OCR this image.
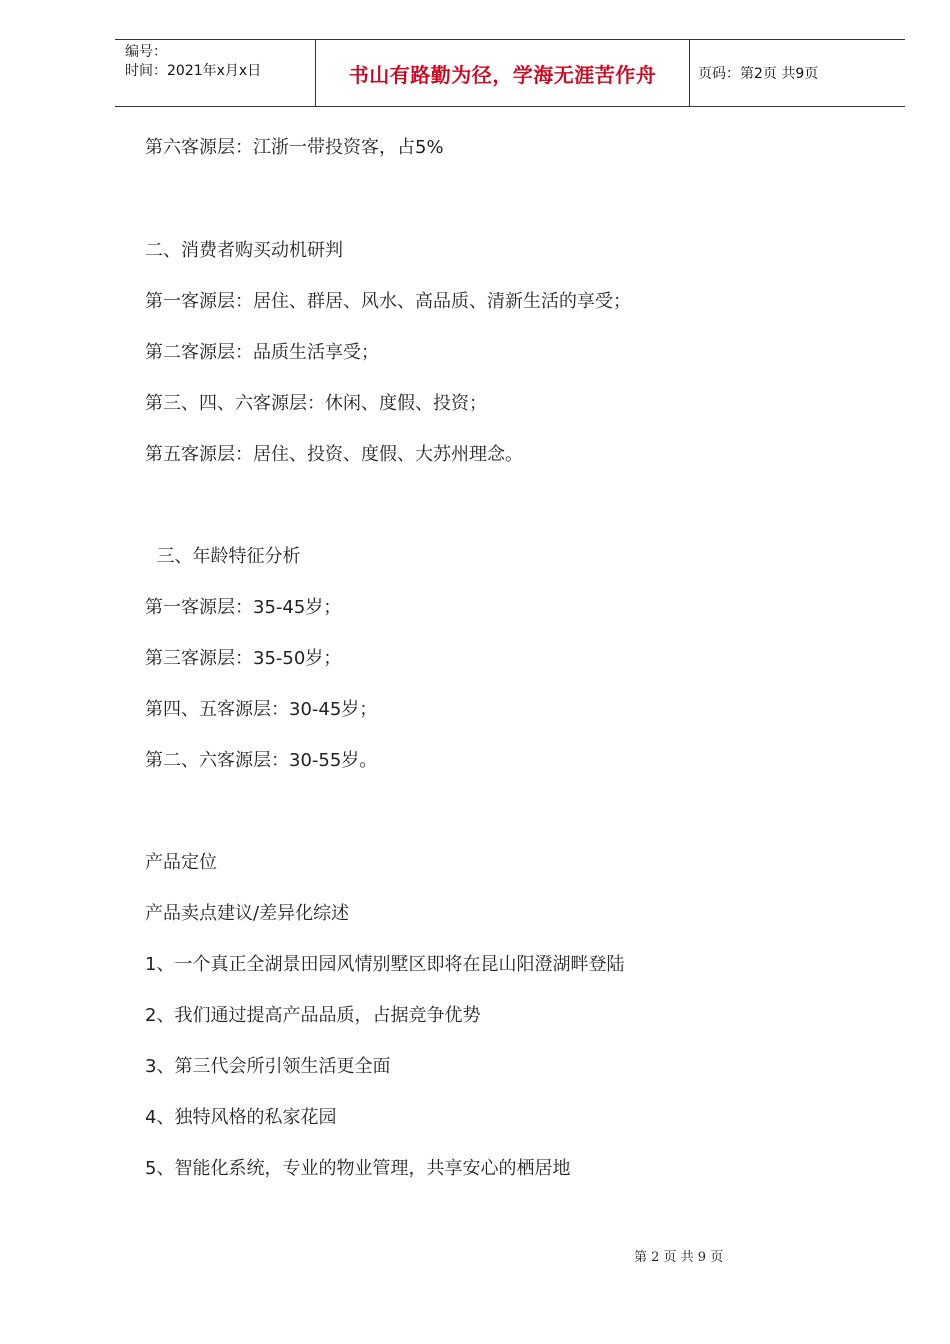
编号：
时间：2021年x月x日	书山有路勤为径，学海无涯苦作舟	页码：第2页 共9页
第六客源层：江浙一带投资客，占5%
二、消费者购买动机研判
第一客源层：居住、群居、风水、高品质、清新生活的享受；
第二客源层：品质生活享受；
第三、四、六客源层：休闲、度假、投资；
第五客源层：居住、投资、度假、大苏州理念。
三、年龄特征分析
第一客源层：35-45岁；
第三客源层：35-50岁；
第四、五客源层：30-45岁；
第二、六客源层：30-55岁。
产品定位
产品卖点建议/差异化综述
1、一个真正全湖景田园风情别墅区即将在昆山阳澄湖畔登陆
2、我们通过提高产品品质，占据竞争优势
3、第三代会所引领生活更全面
4、独特风格的私家花园
5、智能化系统，专业的物业管理，共享安心的栖居地
第 2 页 共 9 页
